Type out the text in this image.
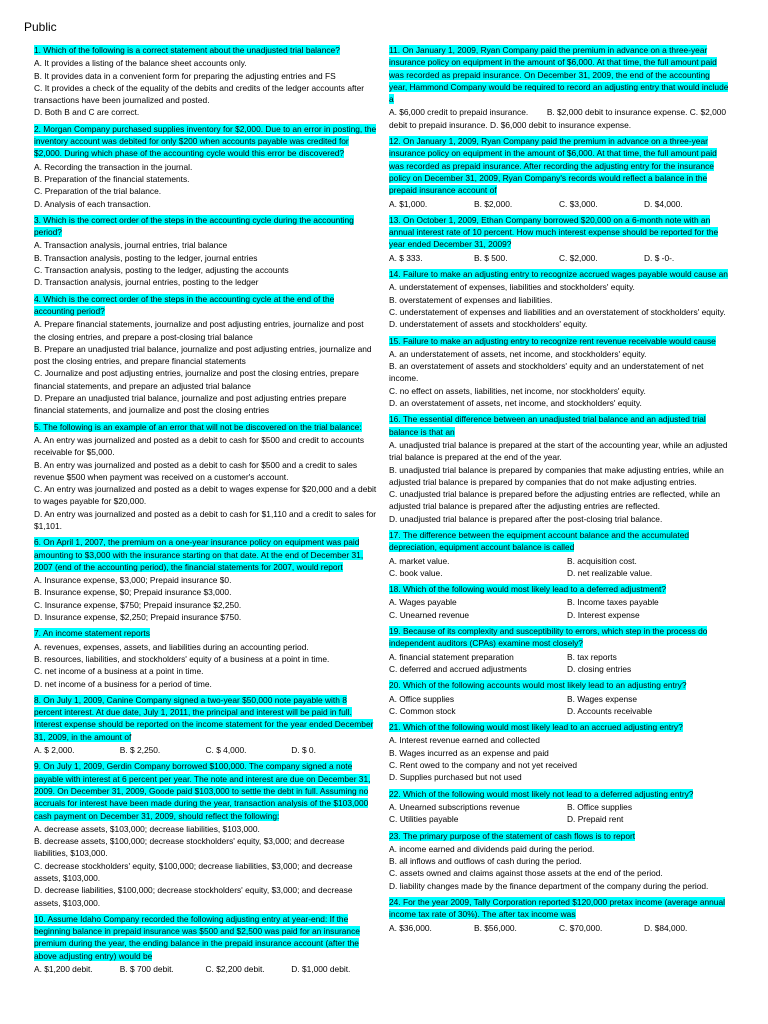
Public
1. Which of the following is a correct statement about the unadjusted trial balance?
A. It provides a listing of the balance sheet accounts only.
B. It provides data in a convenient form for preparing the adjusting entries and FS
C. It provides a check of the equality of the debits and credits of the ledger accounts after transactions have been journalized and posted.
D. Both B and C are correct.
2. Morgan Company purchased supplies inventory for $2,000. Due to an error in posting, the inventory account was debited for only $200 when accounts payable was credited for $2,000. During which phase of the accounting cycle would this error be discovered?
A. Recording the transaction in the journal.
B. Preparation of the financial statements.
C. Preparation of the trial balance.
D. Analysis of each transaction.
3. Which is the correct order of the steps in the accounting cycle during the accounting period?
A. Transaction analysis, journal entries, trial balance
B. Transaction analysis, posting to the ledger, journal entries
C. Transaction analysis, posting to the ledger, adjusting the accounts
D. Transaction analysis, journal entries, posting to the ledger
4. Which is the correct order of the steps in the accounting cycle at the end of the accounting period?
A. Prepare financial statements, journalize and post adjusting entries, journalize and post the closing entries, and prepare a post-closing trial balance
B. Prepare an unadjusted trial balance, journalize and post adjusting entries, journalize and post the closing entries, and prepare financial statements
C. Journalize and post adjusting entries, journalize and post the closing entries, prepare financial statements, and prepare an adjusted trial balance
D. Prepare an unadjusted trial balance, journalize and post adjusting entries prepare financial statements, and journalize and post the closing entries
5. The following is an example of an error that will not be discovered on the trial balance:
A. An entry was journalized and posted as a debit to cash for $500 and credit to accounts receivable for $5,000.
B. An entry was journalized and posted as a debit to cash for $500 and a credit to sales revenue $500 when payment was received on a customer's account.
C. An entry was journalized and posted as a debit to wages expense for $20,000 and a debit to wages payable for $20,000.
D. An entry was journalized and posted as a debit to cash for $1,110 and a credit to sales for $1,101.
6. On April 1, 2007, the premium on a one-year insurance policy on equipment was paid amounting to $3,000 with the insurance starting on that date. At the end of December 31, 2007 (end of the accounting period), the financial statements for 2007, would report
A. Insurance expense, $3,000; Prepaid insurance $0.
B. Insurance expense, $0; Prepaid insurance $3,000.
C. Insurance expense, $750; Prepaid insurance $2,250.
D. Insurance expense, $2,250; Prepaid insurance $750.
7. An income statement reports
A. revenues, expenses, assets, and liabilities during an accounting period.
B. resources, liabilities, and stockholders' equity of a business at a point in time.
C. net income of a business at a point in time.
D. net income of a business for a period of time.
8. On July 1, 2009, Canine Company signed a two-year $50,000 note payable with 8 percent interest. At due date, July 1, 2011, the principal and interest will be paid in full. Interest expense should be reported on the income statement for the year ended December 31, 2009, in the amount of
A. $ 2,000.	B. $ 2,250.	C. $ 4,000.	D. $ 0.
9. On July 1, 2009, Gerdin Company borrowed $100,000. The company signed a note payable with interest at 6 percent per year. The note and interest are due on December 31, 2009. On December 31, 2009, Goode paid $103,000 to settle the debt in full. Assuming no accruals for interest have been made during the year, transaction analysis of the $103,000 cash payment on December 31, 2009, should reflect the following:
A. decrease assets, $103,000; decrease liabilities, $103,000.
B. decrease assets, $100,000; decrease stockholders' equity, $3,000; and decrease liabilities, $103,000.
C. decrease stockholders' equity, $100,000; decrease liabilities, $3,000; and decrease assets, $103,000.
D. decrease liabilities, $100,000; decrease stockholders' equity, $3,000; and decrease assets, $103,000.
10. Assume Idaho Company recorded the following adjusting entry at year-end: If the beginning balance in prepaid insurance was $500 and $2,500 was paid for an insurance premium during the year, the ending balance in the prepaid insurance account (after the above adjusting entry) would be
A. $1,200 debit.	B. $ 700 debit.	C. $2,200 debit.	D. $1,000 debit.
11. On January 1, 2009, Ryan Company paid the premium in advance on a three-year insurance policy on equipment in the amount of $6,000. At that time, the full amount paid was recorded as prepaid insurance. On December 31, 2009, the end of the accounting year, Hammond Company would be required to record an adjusting entry that would include a
A. $6,000 credit to prepaid insurance.        B. $2,000 debit to insurance expense. C. $2,000 debit to prepaid insurance. D. $6,000 debit to insurance expense.
12. On January 1, 2009, Ryan Company paid the premium in advance on a three-year insurance policy on equipment in the amount of $6,000. At that time, the full amount paid was recorded as prepaid insurance. After recording the adjusting entry for the insurance policy on December 31, 2009, Ryan Company's records would reflect a balance in the prepaid insurance account of
A. $1,000.	B. $2,000.	C. $3,000.	D. $4,000.
13. On October 1, 2009, Ethan Company borrowed $20,000 on a 6-month note with an annual interest rate of 10 percent. How much interest expense should be reported for the year ended December 31, 2009?
A. $ 333.	B. $ 500.	C. $2,000.	D. $ -0-.
14. Failure to make an adjusting entry to recognize accrued wages payable would cause an
A. understatement of expenses, liabilities and stockholders' equity.
B. overstatement of expenses and liabilities.
C. understatement of expenses and liabilities and an overstatement of stockholders' equity.
D. understatement of assets and stockholders' equity.
15. Failure to make an adjusting entry to recognize rent revenue receivable would cause
A. an understatement of assets, net income, and stockholders' equity.
B. an overstatement of assets and stockholders' equity and an understatement of net income.
C. no effect on assets, liabilities, net income, nor stockholders' equity.
D. an overstatement of assets, net income, and stockholders' equity.
16. The essential difference between an unadjusted trial balance and an adjusted trial balance is that an
A. unadjusted trial balance is prepared at the start of the accounting year, while an adjusted trial balance is prepared at the end of the year.
B. unadjusted trial balance is prepared by companies that make adjusting entries, while an adjusted trial balance is prepared by companies that do not make adjusting entries.
C. unadjusted trial balance is prepared before the adjusting entries are reflected, while an adjusted trial balance is prepared after the adjusting entries are reflected.
D. unadjusted trial balance is prepared after the post-closing trial balance.
17. The difference between the equipment account balance and the accumulated depreciation, equipment account balance is called
A. market value.	B. acquisition cost.
C. book value.	D. net realizable value.
18. Which of the following would most likely lead to a deferred adjustment?
A. Wages payable	B. Income taxes payable
C. Unearned revenue	D. Interest expense
19. Because of its complexity and susceptibility to errors, which step in the process do independent auditors (CPAs) examine most closely?
A. financial statement preparation	B. tax reports
C. deferred and accrued adjustments	D. closing entries
20. Which of the following accounts would most likely lead to an adjusting entry?
A. Office supplies	B. Wages expense
C. Common stock	D. Accounts receivable
21. Which of the following would most likely lead to an accrued adjusting entry?
A. Interest revenue earned and collected
B. Wages incurred as an expense and paid
C. Rent owed to the company and not yet received
D. Supplies purchased but not used
22. Which of the following would most likely not lead to a deferred adjusting entry?
A. Unearned subscriptions revenue	B. Office supplies
C. Utilities payable	D. Prepaid rent
23. The primary purpose of the statement of cash flows is to report
A. income earned and dividends paid during the period.
B. all inflows and outflows of cash during the period.
C. assets owned and claims against those assets at the end of the period.
D. liability changes made by the finance department of the company during the period.
24. For the year 2009, Tally Corporation reported $120,000 pretax income (average annual income tax rate of 30%). The after tax income was
A. $36,000.	B. $56,000.	C. $70,000.	D. $84,000.
